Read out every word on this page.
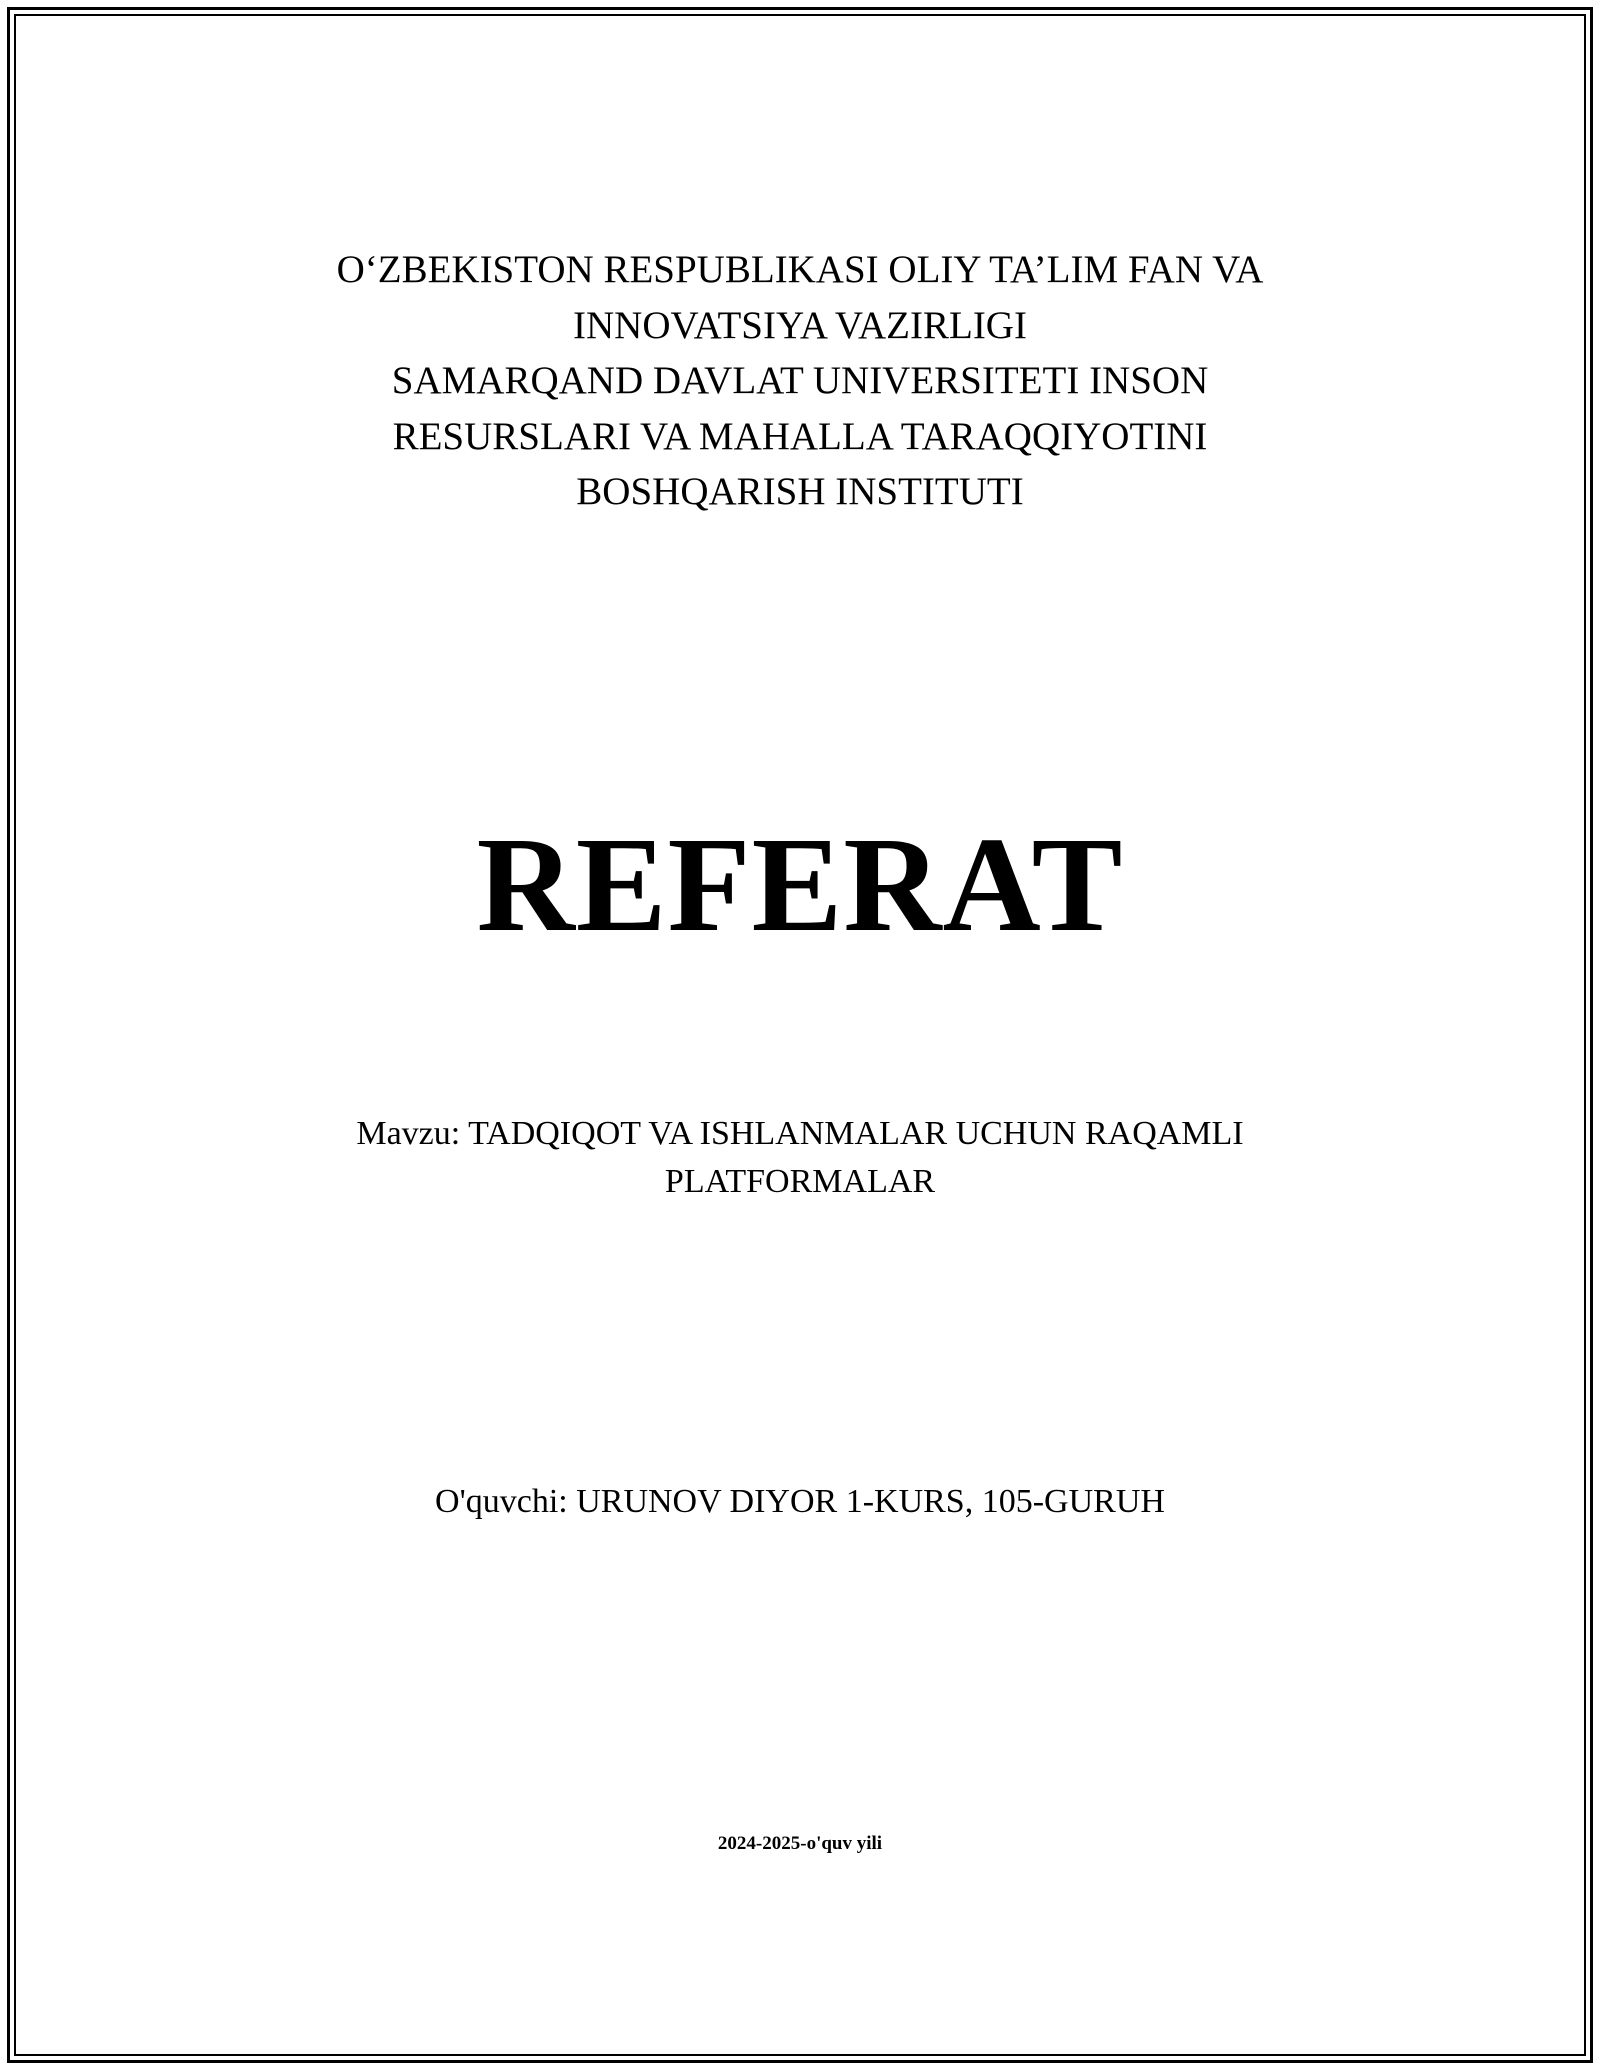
O‘ZBEKISTON RESPUBLIKASI OLIY TA’LIM FAN VA
INNOVATSIYA VAZIRLIGI
SAMARQAND DAVLAT UNIVERSITETI INSON
RESURSLARI VA MAHALLA TARAQQIYOTINI
BOSHQARISH INSTITUTI
REFERAT
Mavzu: TADQIQOT VA ISHLANMALAR UCHUN RAQAMLI
PLATFORMALAR
O'quvchi: URUNOV DIYOR 1-KURS, 105-GURUH
2024-2025-o'quv yili
